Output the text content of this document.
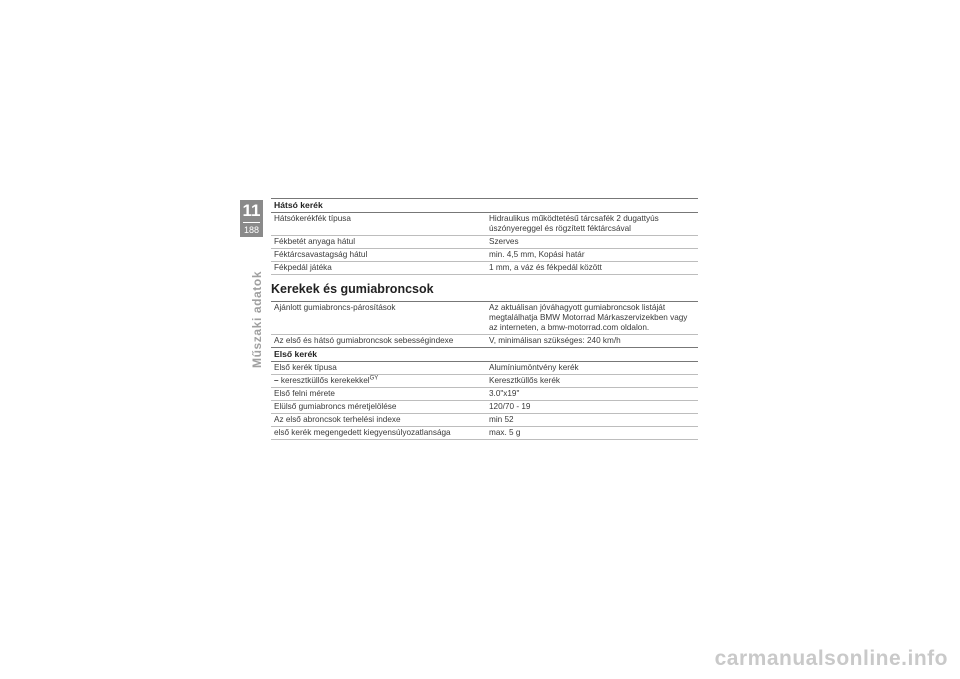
11
188
Műszaki adatok
Hátsó kerék
Hátsókerékfék típusa	Hidraulikus működtetésű tárcsafék 2 dugattyús úszónyereggel és rögzített féktárcsával
Fékbetét anyaga hátul	Szerves
Féktárcsavastagság hátul	min. 4,5 mm, Kopási határ
Fékpedál játéka	1 mm, a váz és fékpedál között
Kerekek és gumiabroncsok
Ajánlott gumiabroncs-párosítások	Az aktuálisan jóváhagyott gumiabroncsok listáját megtalálhatja BMW Motorrad Márkaszervizekben vagy az interneten, a bmw-motorrad.com oldalon.
Az első és hátsó gumiabroncsok sebességindexe	V, minimálisan szükséges: 240 km/h
Első kerék
Első kerék típusa	Alumíniumöntvény kerék
– keresztküllős kerekekkel$^{GY}$	Keresztküllős kerék
Első felni mérete	3.0"x19"
Elülső gumiabroncs méretjelölése	120/70 - 19
Az első abroncsok terhelési indexe	min 52
első kerék megengedett kiegyensúlyozatlansága	max. 5 g
carmanualsonline.info
